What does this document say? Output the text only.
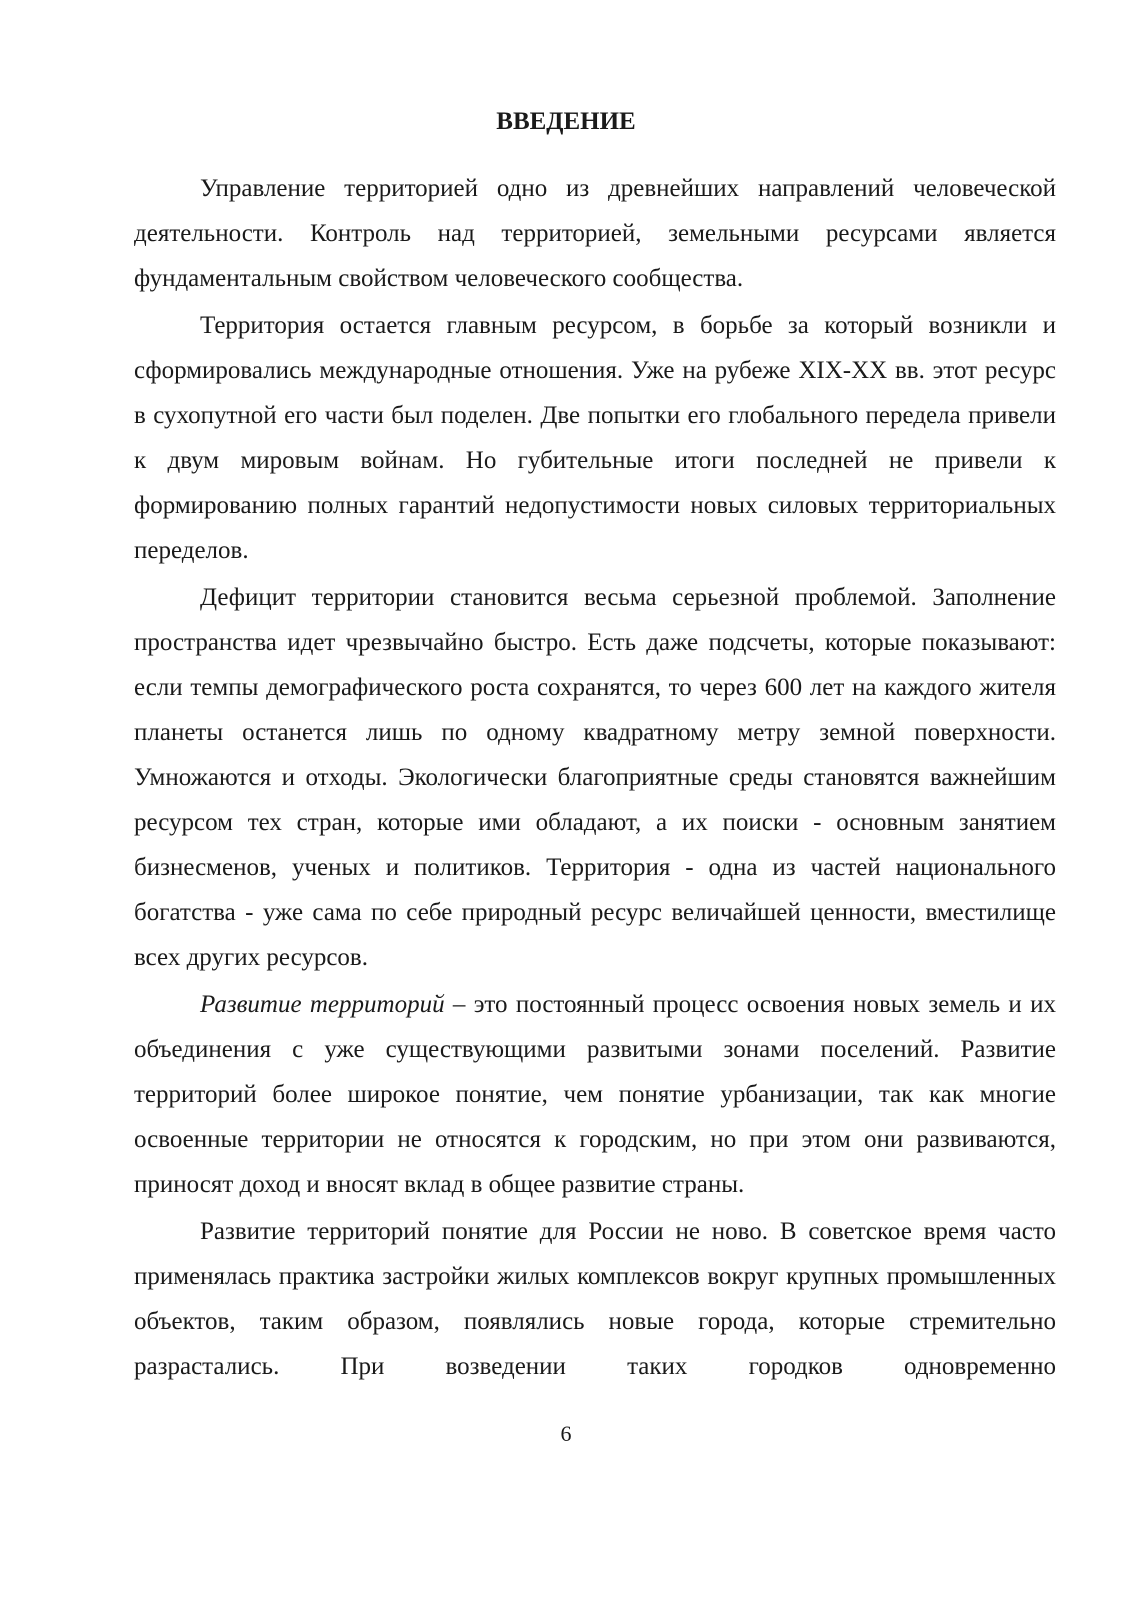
ВВЕДЕНИЕ

Управление территорией одно из древнейших направлений человеческой деятельности. Контроль над территорией, земельными ресурсами является фундаментальным свойством человеческого сообщества.

Территория остается главным ресурсом, в борьбе за который возникли и сформировались международные отношения. Уже на рубеже XIX-XX вв. этот ресурс в сухопутной его части был поделен. Две попытки его глобального передела привели к двум мировым войнам. Но губительные итоги последней не привели к формированию полных гарантий недопустимости новых силовых территориальных переделов.

Дефицит территории становится весьма серьезной проблемой. Заполнение пространства идет чрезвычайно быстро. Есть даже подсчеты, которые показывают: если темпы демографического роста сохранятся, то через 600 лет на каждого жителя планеты останется лишь по одному квадратному метру земной поверхности. Умножаются и отходы. Экологически благоприятные среды становятся важнейшим ресурсом тех стран, которые ими обладают, а их поиски - основным занятием бизнесменов, ученых и политиков. Территория - одна из частей национального богатства - уже сама по себе природный ресурс величайшей ценности, вместилище всех других ресурсов.

Развитие территорий – это постоянный процесс освоения новых земель и их объединения с уже существующими развитыми зонами поселений. Развитие территорий более широкое понятие, чем понятие урбанизации, так как многие освоенные территории не относятся к городским, но при этом они развиваются, приносят доход и вносят вклад в общее развитие страны.

Развитие территорий понятие для России не ново. В советское время часто применялась практика застройки жилых комплексов вокруг крупных промышленных объектов, таким образом, появлялись новые города, которые стремительно разрастались. При возведении таких городков одновременно

6
